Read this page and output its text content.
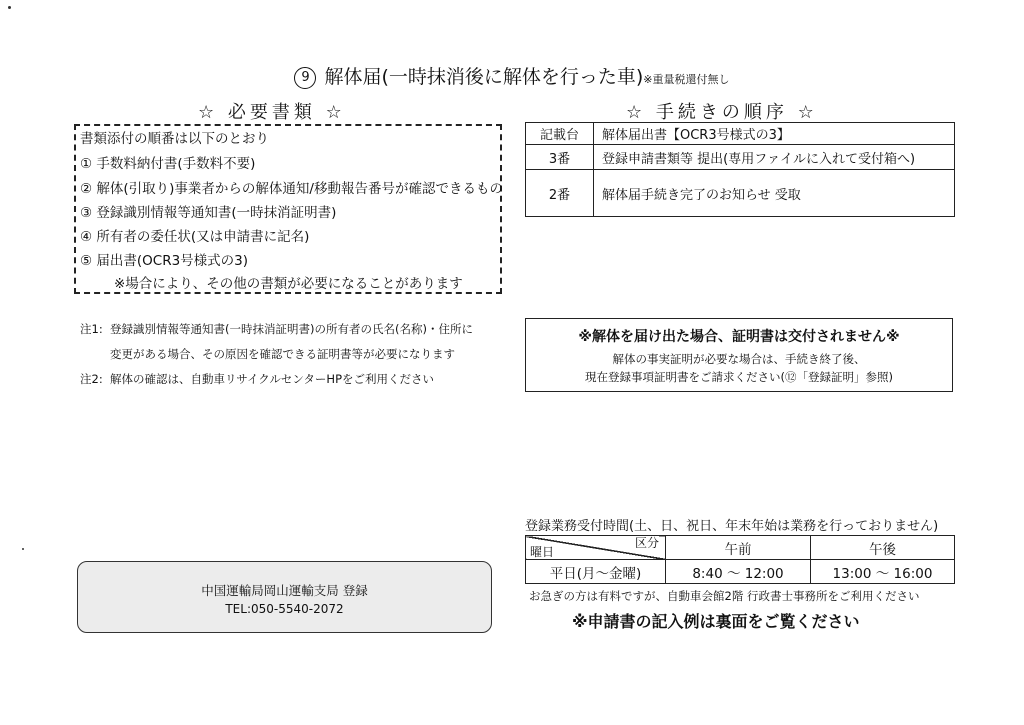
9 解体届(一時抹消後に解体を行った車)※重量税還付無し
☆ 必要書類 ☆	☆ 手続きの順序 ☆
書類添付の順番は以下のとおり
① 手数料納付書(手数料不要)
② 解体(引取り)事業者からの解体通知/移動報告番号が確認できるもの
③ 登録識別情報等通知書(一時抹消証明書)
④ 所有者の委任状(又は申請書に記名)
⑤ 届出書(OCR3号様式の3)
※場合により、その他の書類が必要になることがあります
記載台	解体届出書【OCR3号様式の3】
3番	登録申請書類等 提出(専用ファイルに入れて受付箱へ)
2番	解体届手続き完了のお知らせ 受取
注1: 登録識別情報等通知書(一時抹消証明書)の所有者の氏名(名称)・住所に
変更がある場合、その原因を確認できる証明書等が必要になります
注2: 解体の確認は、自動車リサイクルセンターHPをご利用ください
※解体を届け出た場合、証明書は交付されません※
解体の事実証明が必要な場合は、手続き終了後、
現在登録事項証明書をご請求ください(⑫「登録証明」参照)
登録業務受付時間(土、日、祝日、年末年始は業務を行っておりません)
区分
曜日	午前	午後
平日(月～金曜)	8:40 ～ 12:00	13:00 ～ 16:00
お急ぎの方は有料ですが、自動車会館2階 行政書士事務所をご利用ください
※申請書の記入例は裏面をご覧ください
中国運輸局岡山運輸支局 登録
TEL:050-5540-2072
